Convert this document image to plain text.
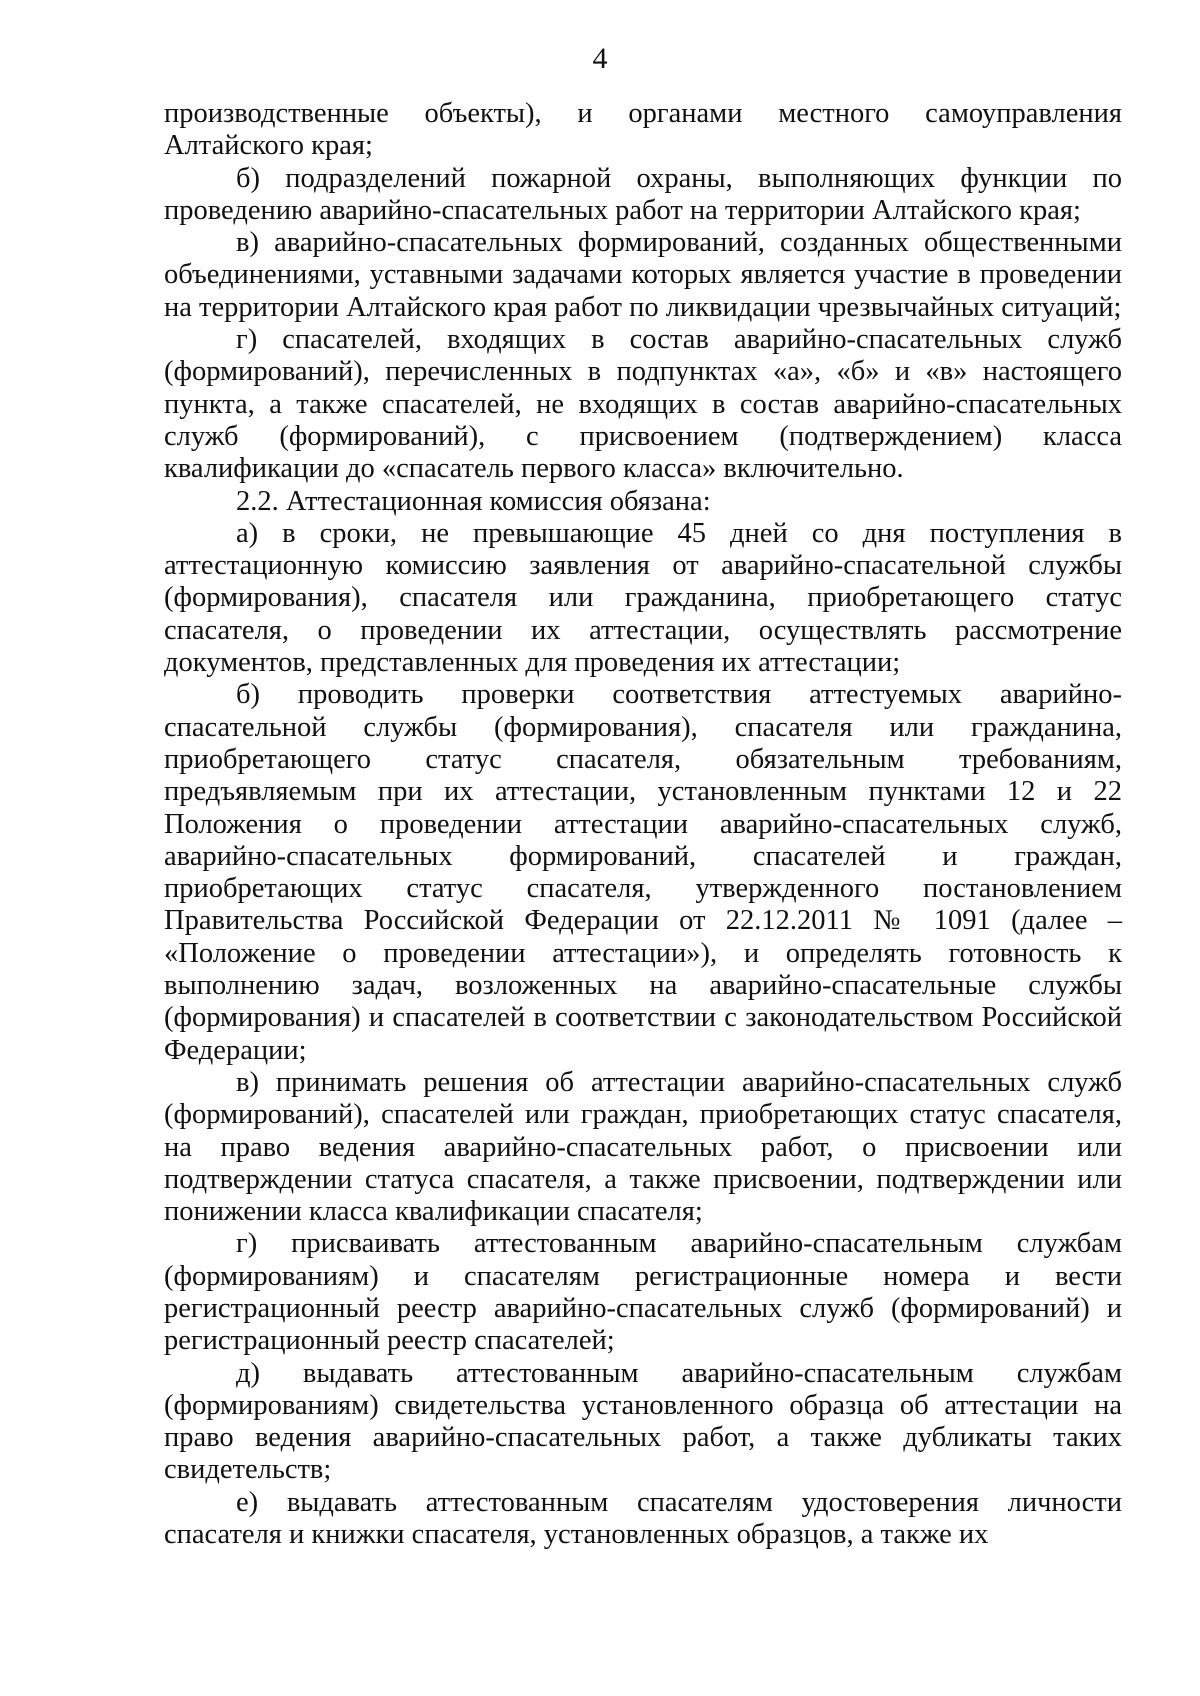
4

производственные объекты), и органами местного самоуправления Алтайского края;

б) подразделений пожарной охраны, выполняющих функции по проведению аварийно-спасательных работ на территории Алтайского края;

в) аварийно-спасательных формирований, созданных общественными объединениями, уставными задачами которых является участие в проведении на территории Алтайского края работ по ликвидации чрезвычайных ситуаций;

г) спасателей, входящих в состав аварийно-спасательных служб (формирований), перечисленных в подпунктах «а», «б» и «в» настоящего пункта, а также спасателей, не входящих в состав аварийно-спасательных служб (формирований), с присвоением (подтверждением) класса квалификации до «спасатель первого класса» включительно.

2.2. Аттестационная комиссия обязана:

а) в сроки, не превышающие 45 дней со дня поступления в аттестационную комиссию заявления от аварийно-спасательной службы (формирования), спасателя или гражданина, приобретающего статус спасателя, о проведении их аттестации, осуществлять рассмотрение документов, представленных для проведения их аттестации;

б) проводить проверки соответствия аттестуемых аварийно-спасательной службы (формирования), спасателя или гражданина, приобретающего статус спасателя, обязательным требованиям, предъявляемым при их аттестации, установленным пунктами 12 и 22 Положения о проведении аттестации аварийно-спасательных служб, аварийно-спасательных формирований, спасателей и граждан, приобретающих статус спасателя, утвержденного постановлением Правительства Российской Федерации от 22.12.2011 № 1091 (далее – «Положение о проведении аттестации»), и определять готовность к выполнению задач, возложенных на аварийно-спасательные службы (формирования) и спасателей в соответствии с законодательством Российской Федерации;

в) принимать решения об аттестации аварийно-спасательных служб (формирований), спасателей или граждан, приобретающих статус спасателя, на право ведения аварийно-спасательных работ, о присвоении или подтверждении статуса спасателя, а также присвоении, подтверждении или понижении класса квалификации спасателя;

г) присваивать аттестованным аварийно-спасательным службам (формированиям) и спасателям регистрационные номера и вести регистрационный реестр аварийно-спасательных служб (формирований) и регистрационный реестр спасателей;

д) выдавать аттестованным аварийно-спасательным службам (формированиям) свидетельства установленного образца об аттестации на право ведения аварийно-спасательных работ, а также дубликаты таких свидетельств;

е) выдавать аттестованным спасателям удостоверения личности спасателя и книжки спасателя, установленных образцов, а также их
